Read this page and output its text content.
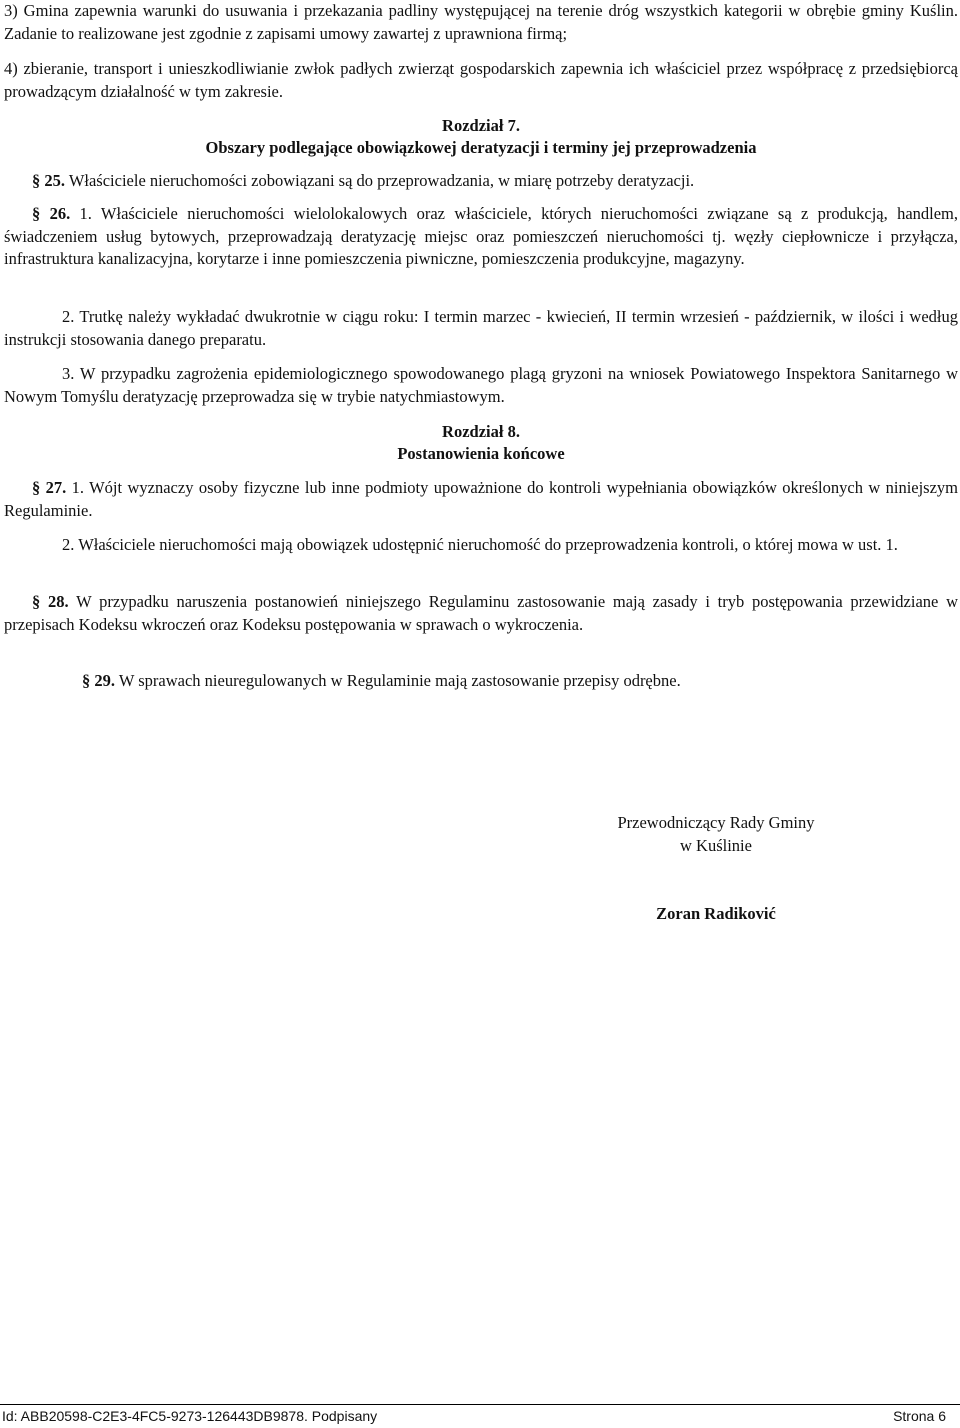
3) Gmina zapewnia warunki do usuwania i przekazania padliny występującej na terenie dróg wszystkich kategorii w obrębie gminy Kuślin. Zadanie to realizowane jest zgodnie z zapisami umowy zawartej z uprawniona firmą;
4) zbieranie, transport i unieszkodliwianie zwłok padłych zwierząt gospodarskich zapewnia ich właściciel przez współpracę z przedsiębiorcą prowadzącym działalność w tym zakresie.
Rozdział 7.
Obszary podlegające obowiązkowej deratyzacji i terminy jej przeprowadzenia
§ 25. Właściciele nieruchomości zobowiązani są do przeprowadzania, w miarę potrzeby deratyzacji.
§ 26. 1. Właściciele nieruchomości wielolokalowych oraz właściciele, których nieruchomości związane są z produkcją, handlem, świadczeniem usług bytowych, przeprowadzają deratyzację miejsc oraz pomieszczeń nieruchomości tj. węzły ciepłownicze i przyłącza, infrastruktura kanalizacyjna, korytarze i inne pomieszczenia piwniczne, pomieszczenia produkcyjne, magazyny.
2. Trutkę należy wykładać dwukrotnie w ciągu roku: I termin marzec - kwiecień, II termin wrzesień - październik, w ilości i według instrukcji stosowania danego preparatu.
3. W przypadku zagrożenia epidemiologicznego spowodowanego plagą gryzoni na wniosek Powiatowego Inspektora Sanitarnego w Nowym Tomyślu deratyzację przeprowadza się w trybie natychmiastowym.
Rozdział 8.
Postanowienia końcowe
§ 27. 1. Wójt wyznaczy osoby fizyczne lub inne podmioty upoważnione do kontroli wypełniania obowiązków określonych w niniejszym Regulaminie.
2. Właściciele nieruchomości mają obowiązek udostępnić nieruchomość do przeprowadzenia kontroli, o której mowa w ust. 1.
§ 28. W przypadku naruszenia postanowień niniejszego Regulaminu zastosowanie mają zasady i tryb postępowania przewidziane w przepisach Kodeksu wkroczeń oraz Kodeksu postępowania w sprawach o wykroczenia.
§ 29. W sprawach nieuregulowanych w Regulaminie mają zastosowanie przepisy odrębne.
Przewodniczący Rady Gminy
w Kuślinie
Zoran Radiković
Id: ABB20598-C2E3-4FC5-9273-126443DB9878. Podpisany	Strona 6
